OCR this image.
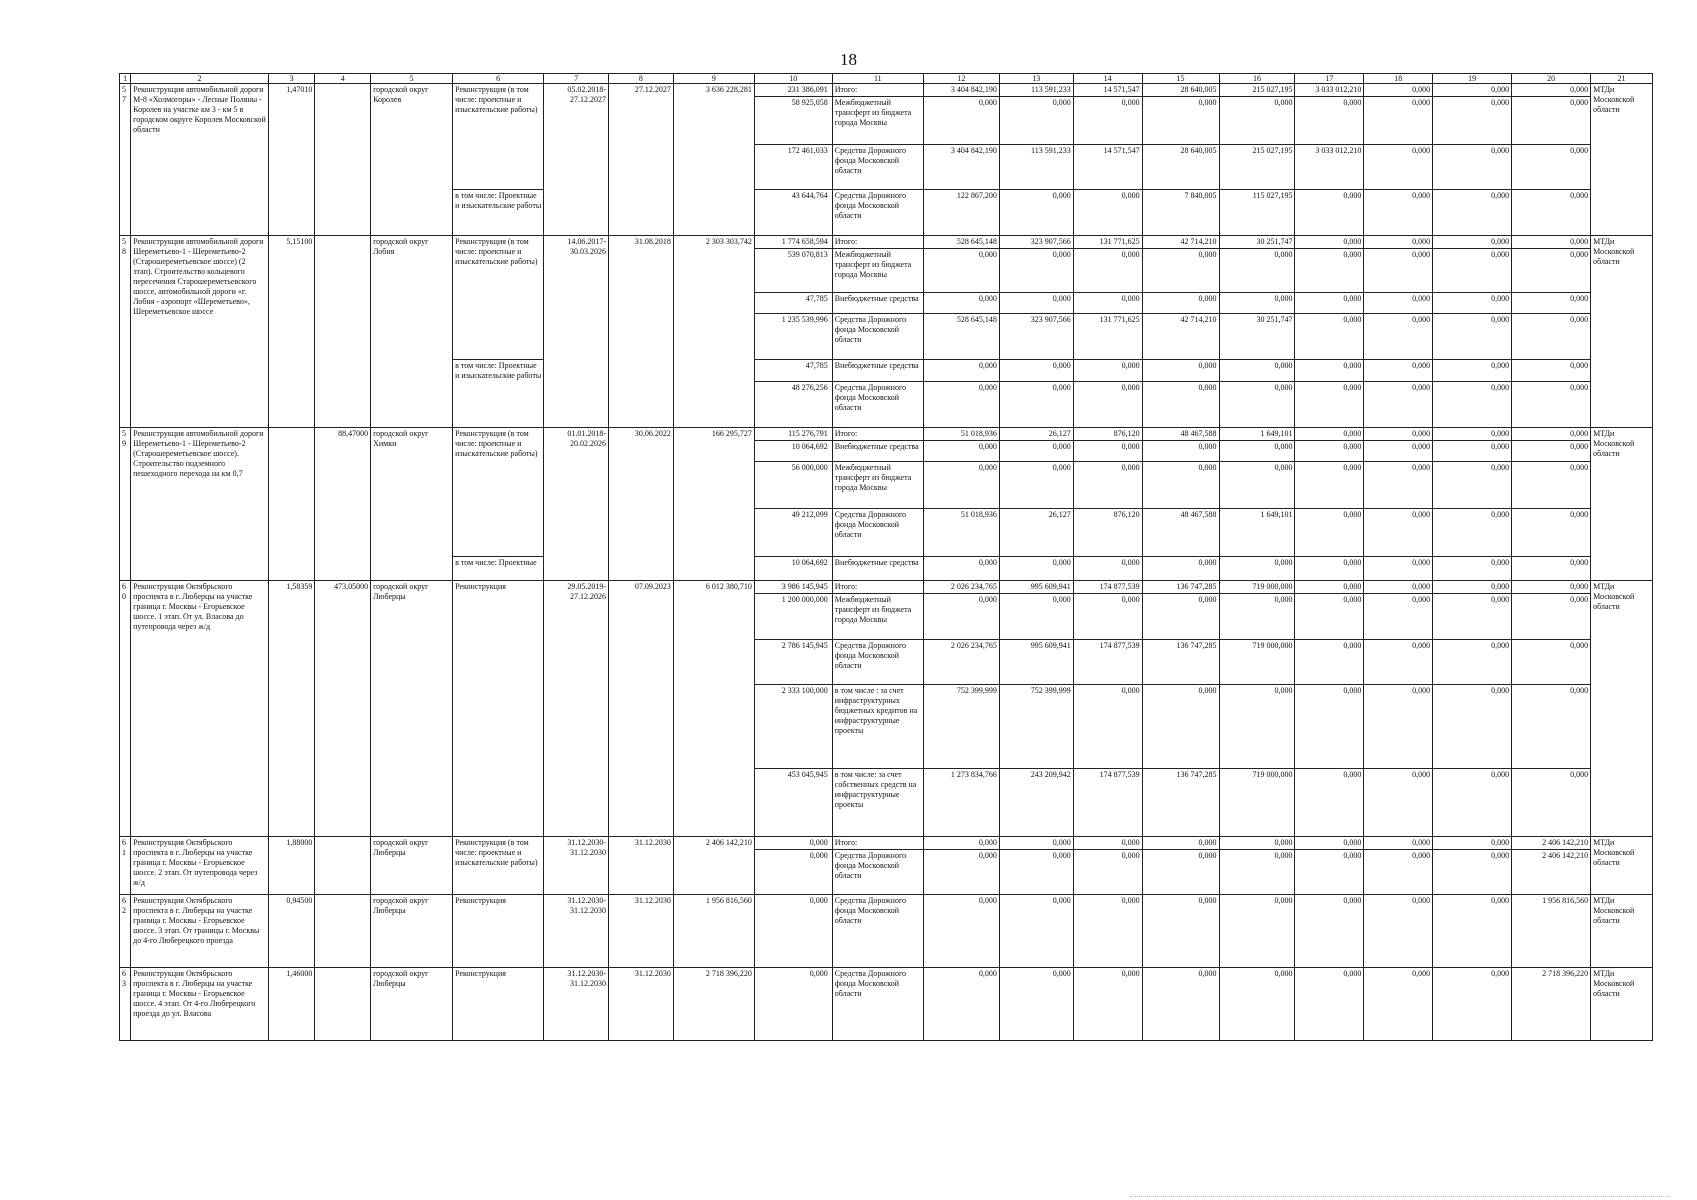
18
1	2	3	4	5	6	7	8	9	10	11	12	13	14	15	16	17	18	19	20	21
57	Реконструкция автомобильной дороги М-8 «Холмогоры» - Лесные Поляны - Королев на участке км 3 - км 5 в городском округе Королев Московской области	1,47010		городской округ Королев	Реконструкция (в том числе: проектные и изыскательские работы)	05.02.2018-27.12.2027	27.12.2027	3 636 228,281	231 386,091	Итого:	3 404 842,190	113 591,233	14 571,547	28 640,005	215 027,195	3 033 012,210	0,000	0,000	0,000	МТДи Московской области
									58 925,058	Межбюджетный трансферт из бюджета города Москвы	0,000	0,000	0,000	0,000	0,000	0,000	0,000	0,000	0,000	
									172 461,033	Средства Дорожного фонда Московской области	3 404 842,190	113 591,233	14 571,547	28 640,005	215 027,195	3 033 012,210	0,000	0,000	0,000	
					в том числе: Проектные и изыскательские работы				43 644,764	Средства Дорожного фонда Московской области	122 867,200	0,000	0,000	7 840,005	115 027,195	0,000	0,000	0,000	0,000	
58	Реконструкция автомобильной дороги Шереметьево-1 - Шереметьево-2 (Старошереметьевское шоссе) (2 этап). Строительство кольцевого пересечения Старошереметьевского шоссе, автомобильной дороги «г. Лобня - аэропорт «Шереметьево», Шереметьевское шоссе	5,15100		городской округ Лобня	Реконструкция (в том числе: проектные и изыскательские работы)	14.06.2017-30.03.2026	31.08.2018	2 303 303,742	1 774 658,594	Итого:	528 645,148	323 907,566	131 771,625	42 714,210	30 251,747	0,000	0,000	0,000	0,000	МТДи Московской области
									539 070,813	Межбюджетный трансферт из бюджета города Москвы	0,000	0,000	0,000	0,000	0,000	0,000	0,000	0,000	0,000	
									47,785	Внебюджетные средства	0,000	0,000	0,000	0,000	0,000	0,000	0,000	0,000	0,000	
									1 235 539,996	Средства Дорожного фонда Московской области	528 645,148	323 907,566	131 771,625	42 714,210	30 251,747	0,000	0,000	0,000	0,000	
					в том числе: Проектные и изыскательские работы				47,785	Внебюджетные средства	0,000	0,000	0,000	0,000	0,000	0,000	0,000	0,000	0,000	
									48 276,256	Средства Дорожного фонда Московской области	0,000	0,000	0,000	0,000	0,000	0,000	0,000	0,000	0,000	
59	Реконструкция автомобильной дороги Шереметьево-1 - Шереметьево-2 (Старошереметьевское шоссе). Строительство подземного пешеходного перехода на км 0,7		88,47000	городской округ Химки	Реконструкция (в том числе: проектные и изыскательские работы)	01.01.2018-20.02.2026	30.06.2022	166 295,727	115 276,791	Итого:	51 018,936	26,127	876,120	48 467,588	1 649,101	0,000	0,000	0,000	0,000	МТДи Московской области
									10 064,692	Внебюджетные средства	0,000	0,000	0,000	0,000	0,000	0,000	0,000	0,000	0,000	
									56 000,000	Межбюджетный трансферт из бюджета города Москвы	0,000	0,000	0,000	0,000	0,000	0,000	0,000	0,000	0,000	
									49 212,099	Средства Дорожного фонда Московской области	51 018,936	26,127	876,120	48 467,588	1 649,101	0,000	0,000	0,000	0,000	
					в том числе: Проектные				10 064,692	Внебюджетные средства	0,000	0,000	0,000	0,000	0,000	0,000	0,000	0,000	0,000	
60	Реконструкция Октябрьского проспекта в г. Люберцы на участке граница г. Москвы - Егорьевское шоссе. 1 этап. От ул. Власова до путепровода через ж/д	1,58359	473,05000	городской округ Люберцы	Реконструкция	29.05.2019-27.12.2026	07.09.2023	6 012 380,710	3 986 145,945	Итого:	2 026 234,765	995 609,941	174 877,539	136 747,285	719 000,000	0,000	0,000	0,000	0,000	МТДи Московской области
									1 200 000,000	Межбюджетный трансферт из бюджета города Москвы	0,000	0,000	0,000	0,000	0,000	0,000	0,000	0,000	0,000	
									2 786 145,945	Средства Дорожного фонда Московской области	2 026 234,765	995 609,941	174 877,539	136 747,285	719 000,000	0,000	0,000	0,000	0,000	
									2 333 100,000	в том числе : за счет инфраструктурных бюджетных кредитов на инфраструктурные проекты	752 399,999	752 399,999	0,000	0,000	0,000	0,000	0,000	0,000	0,000	
									453 045,945	в том числе: за счет собственных средств на инфраструктурные проекты	1 273 834,766	243 209,942	174 877,539	136 747,285	719 000,000	0,000	0,000	0,000	0,000	
61	Реконструкция Октябрьского проспекта в г. Люберцы на участке граница г. Москвы - Егорьевское шоссе. 2 этап. От путепровода через ж/д	1,88000		городской округ Люберцы	Реконструкция (в том числе: проектные и изыскательские работы)	31.12.2030-31.12.2030	31.12.2030	2 406 142,210	0,000	Итого:	0,000	0,000	0,000	0,000	0,000	0,000	0,000	0,000	2 406 142,210	МТДи Московской области
									0,000	Средства Дорожного фонда Московской области	0,000	0,000	0,000	0,000	0,000	0,000	0,000	0,000	2 406 142,210	
62	Реконструкция Октябрьского проспекта в г. Люберцы на участке граница г. Москвы - Егорьевское шоссе. 3 этап. От границы г. Москвы до 4-го Люберецкого проезда	0,94500		городской округ Люберцы	Реконструкция	31.12.2030-31.12.2030	31.12.2030	1 956 816,560	0,000	Средства Дорожного фонда Московской области	0,000	0,000	0,000	0,000	0,000	0,000	0,000	0,000	1 956 816,560	МТДи Московской области
63	Реконструкция Октябрьского проспекта в г. Люберцы на участке граница г. Москвы - Егорьевское шоссе. 4 этап. От 4-го Люберецкого проезда до ул. Власова	1,46000		городской округ Люберцы	Реконструкция	31.12.2030-31.12.2030	31.12.2030	2 718 396,220	0,000	Средства Дорожного фонда Московской области	0,000	0,000	0,000	0,000	0,000	0,000	0,000	0,000	2 718 396,220	МТДи Московской области
